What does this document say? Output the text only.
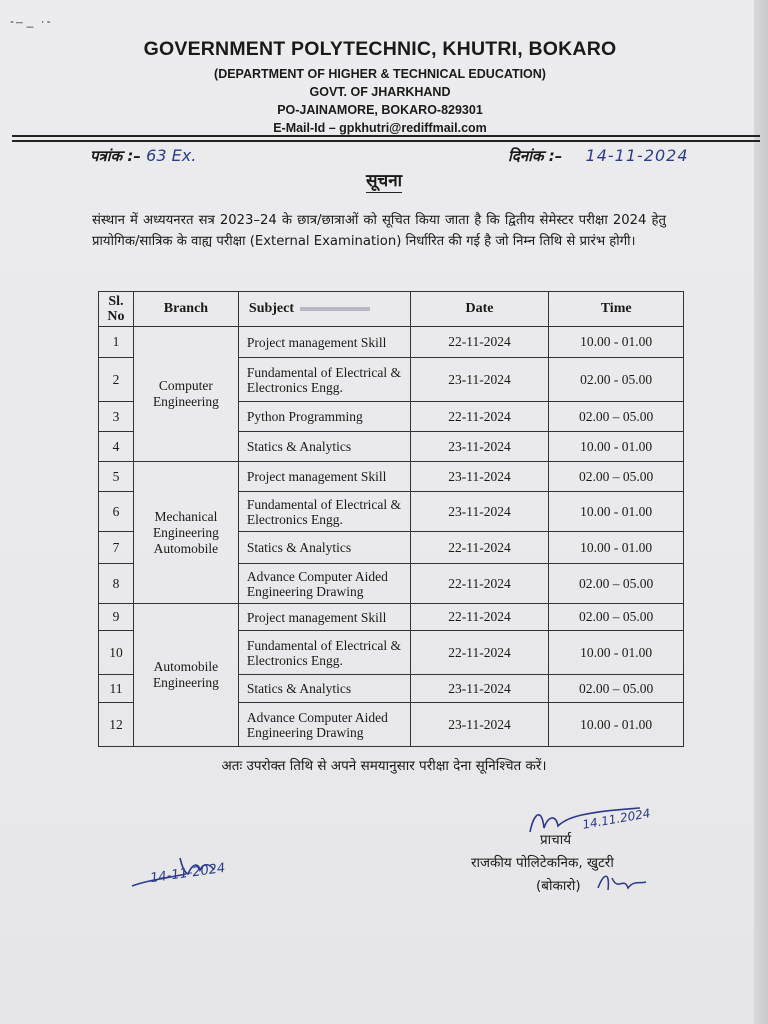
- ̶ _ ·-
GOVERNMENT POLYTECHNIC, KHUTRI, BOKARO
(DEPARTMENT OF HIGHER & TECHNICAL EDUCATION)
GOVT. OF JHARKHAND
PO-JAINAMORE, BOKARO-829301
E-Mail-Id – gpkhutri@rediffmail.com
पत्रांक :– 63 Ex.	दिनांक :– 14-11-2024
सूचना
संस्थान में अध्ययनरत सत्र 2023–24 के छात्र/छात्राओं को सूचित किया जाता है कि द्वितीय सेमेस्टर परीक्षा 2024 हेतु प्रायोगिक/सात्रिक के वाह्य परीक्षा (External Examination) निर्धारित की गई है जो निम्न तिथि से प्रारंभ होगी।
Sl. No	Branch	Subject	Date	Time
1	Computer Engineering	Project management Skill	22-11-2024	10.00 - 01.00
2		Fundamental of Electrical & Electronics Engg.	23-11-2024	02.00 - 05.00
3		Python Programming	22-11-2024	02.00 – 05.00
4		Statics & Analytics	23-11-2024	10.00 - 01.00
5	Mechanical Engineering Automobile	Project management Skill	23-11-2024	02.00 – 05.00
6		Fundamental of Electrical & Electronics Engg.	23-11-2024	10.00 - 01.00
7		Statics & Analytics	22-11-2024	10.00 - 01.00
8		Advance Computer Aided Engineering Drawing	22-11-2024	02.00 – 05.00
9	Automobile Engineering	Project management Skill	22-11-2024	02.00 – 05.00
10		Fundamental of Electrical & Electronics Engg.	22-11-2024	10.00 - 01.00
11		Statics & Analytics	23-11-2024	02.00 – 05.00
12		Advance Computer Aided Engineering Drawing	23-11-2024	10.00 - 01.00
अतः उपरोक्त तिथि से अपने समयानुसार परीक्षा देना सूनिश्चित करें।
14-11-2024
14.11.2024
प्राचार्य
राजकीय पोलिटेकनिक, खुटरी
(बोकारो)
